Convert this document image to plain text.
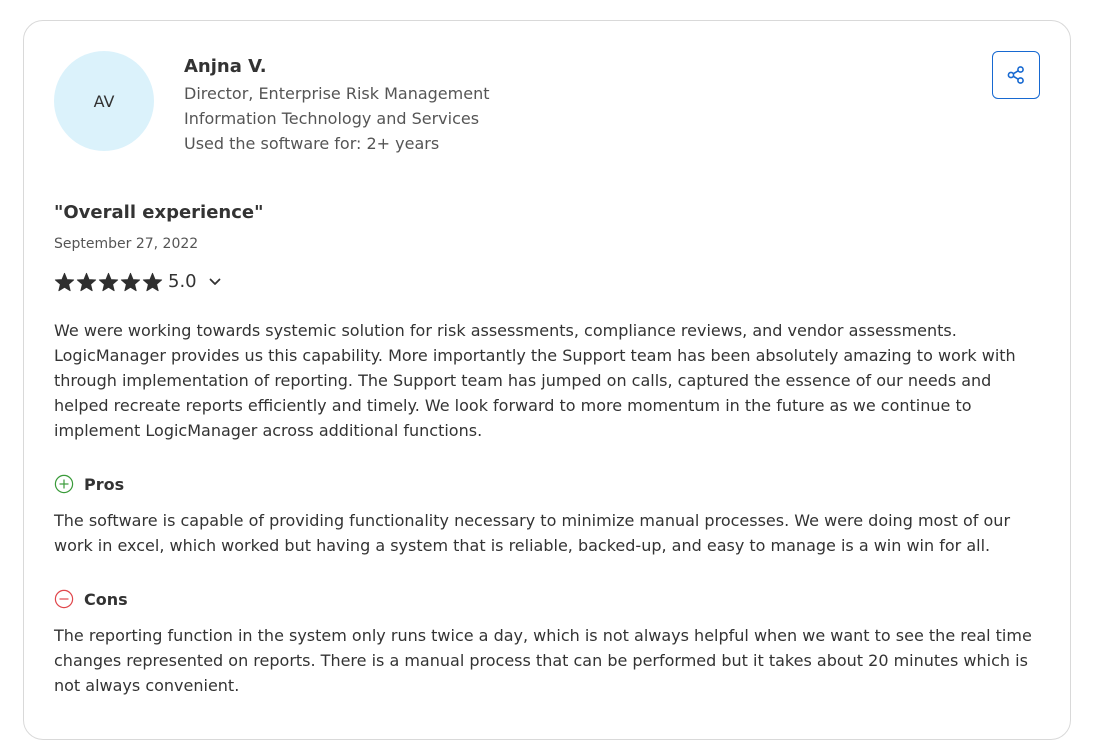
AV
Anjna V.
Director, Enterprise Risk Management
Information Technology and Services
Used the software for: 2+ years
"Overall experience"
September 27, 2022
5.0

We were working towards systemic solution for risk assessments, compliance reviews, and vendor assessments. LogicManager provides us this capability. More importantly the Support team has been absolutely amazing to work with through implementation of reporting. The Support team has jumped on calls, captured the essence of our needs and helped recreate reports efficiently and timely. We look forward to more momentum in the future as we continue to implement LogicManager across additional functions.

Pros

The software is capable of providing functionality necessary to minimize manual processes. We were doing most of our work in excel, which worked but having a system that is reliable, backed-up, and easy to manage is a win win for all.

Cons

The reporting function in the system only runs twice a day, which is not always helpful when we want to see the real time changes represented on reports. There is a manual process that can be performed but it takes about 20 minutes which is not always convenient.
